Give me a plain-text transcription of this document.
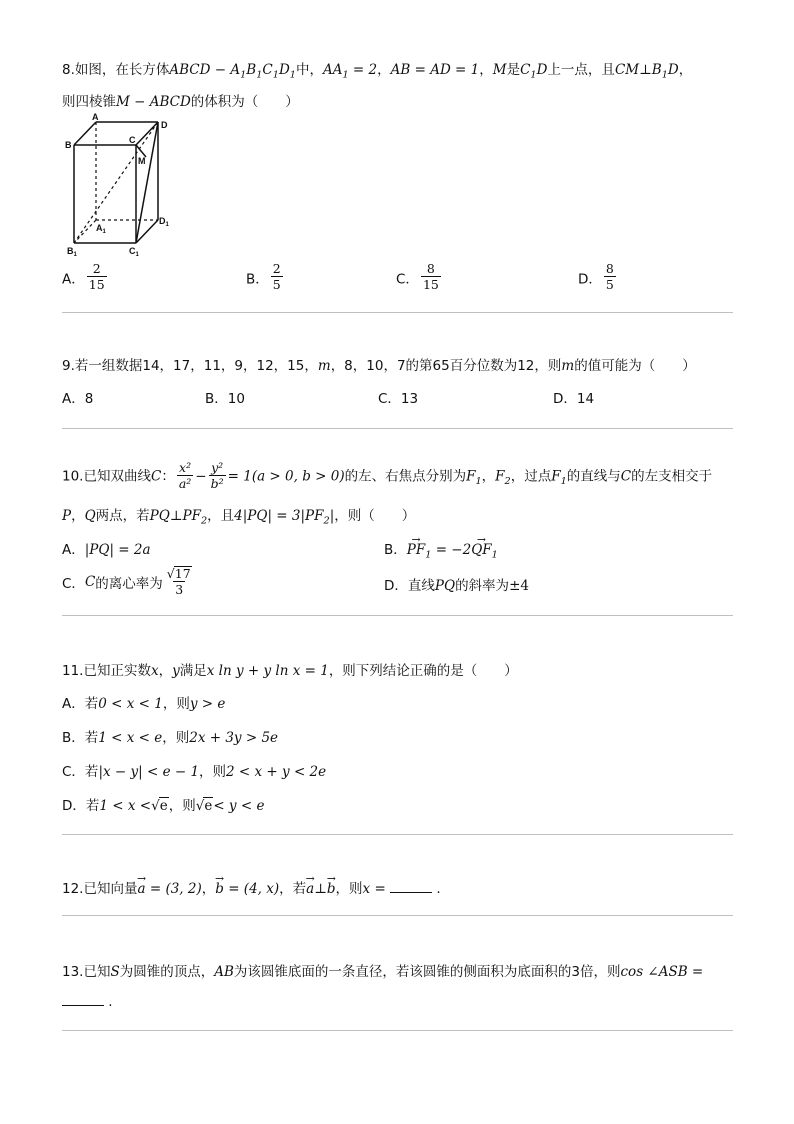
8.如图，在长方体ABCD − $A_1B_1C_1D_1$中，$AA_1 = 2$，AB = AD = 1，M是$C_1D$上一点，且$CM\perp B_1D$，
则四棱锥M − ABCD的体积为（　　）
A
B	C
D
M
$A_1$
$B_1$	$C_1$
$D_1$
A． $\frac{2}{15}$	B． $\frac{2}{5}$	C． $\frac{8}{15}$	D． $\frac{8}{5}$
9.若一组数据14，17，11，9，12，15，m，8，10，7的第65百分位数为12，则m的值可能为（　　）
A．8	B．10	C．13	D．14
10.已知双曲线C： $\frac{\text{x²}}{\text{a²}} - \frac{\text{y²}}{\text{b²}} = 1(a > 0$, b > 0)的左、右焦点分别为$F_1$，$F_2$，过点$F_1$的直线与C的左支相交于
P，Q两点，若$PQ\perp PF_2$，且$4|PQ| = 3|PF_2|$，则（　　）
A．|PQ| = 2a	B．→ $PF_1 = -2\to QF_1$
C．C的离心率为 $\frac{√17}{3}$	D．直线PQ的斜率为±4
11.已知正实数x，y满足x ln y + y ln x = 1，则下列结论正确的是（　　）
A．若0 < x < 1，则y > e
B．若1 < x < e，则2x + 3y > 5e
C．若|x − y| < e − 1，则2 < x + y < 2e
D．若1 < x <√e，则√e< y < e
12.已知向量→ a = (3, 2)，→ b = (4, x)，若→ a⊥→ b，则x =	.
13.已知S为圆锥的顶点，AB为该圆锥底面的一条直径，若该圆锥的侧面积为底面积的3倍，则cos ∠ASB =
.
